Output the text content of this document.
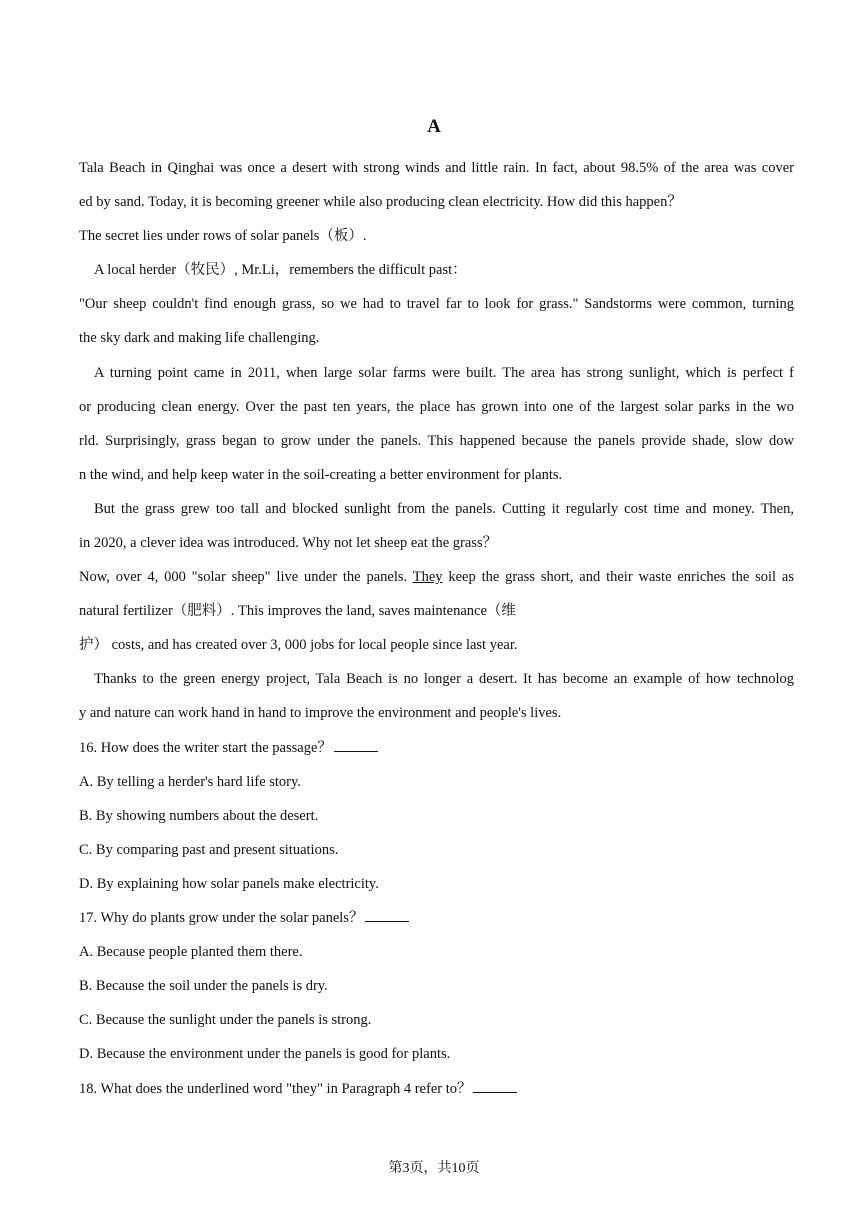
A
Tala Beach in Qinghai was once a desert with strong winds and little rain. In fact, about 98.5% of the area was cover
ed by sand. Today, it is becoming greener while also producing clean electricity. How did this happen？
The secret lies under rows of solar panels（板）.
A local herder（牧民）, Mr.Li，remembers the difficult past：
"Our sheep couldn't find enough grass, so we had to travel far to look for grass." Sandstorms were common, turning
the sky dark and making life challenging.
A turning point came in 2011, when large solar farms were built. The area has strong sunlight, which is perfect f
or producing clean energy. Over the past ten years, the place has grown into one of the largest solar parks in the wo
rld. Surprisingly, grass began to grow under the panels. This happened because the panels provide shade, slow dow
n the wind, and help keep water in the soil-creating a better environment for plants.
But the grass grew too tall and blocked sunlight from the panels. Cutting it regularly cost time and money. Then,
in 2020, a clever idea was introduced. Why not let sheep eat the grass？
Now, over 4, 000 "solar sheep" live under the panels. They keep the grass short, and their waste enriches the soil as
natural fertilizer（肥料）. This improves the land, saves maintenance（维
护） costs, and has created over 3, 000 jobs for local people since last year.
Thanks to the green energy project, Tala Beach is no longer a desert. It has become an example of how technolog
y and nature can work hand in hand to improve the environment and people's lives.
16. How does the writer start the passage？
A. By telling a herder's hard life story.
B. By showing numbers about the desert.
C. By comparing past and present situations.
D. By explaining how solar panels make electricity.
17. Why do plants grow under the solar panels？
A. Because people planted them there.
B. Because the soil under the panels is dry.
C. Because the sunlight under the panels is strong.
D. Because the environment under the panels is good for plants.
18. What does the underlined word "they" in Paragraph 4 refer to？
第3页，共10页
